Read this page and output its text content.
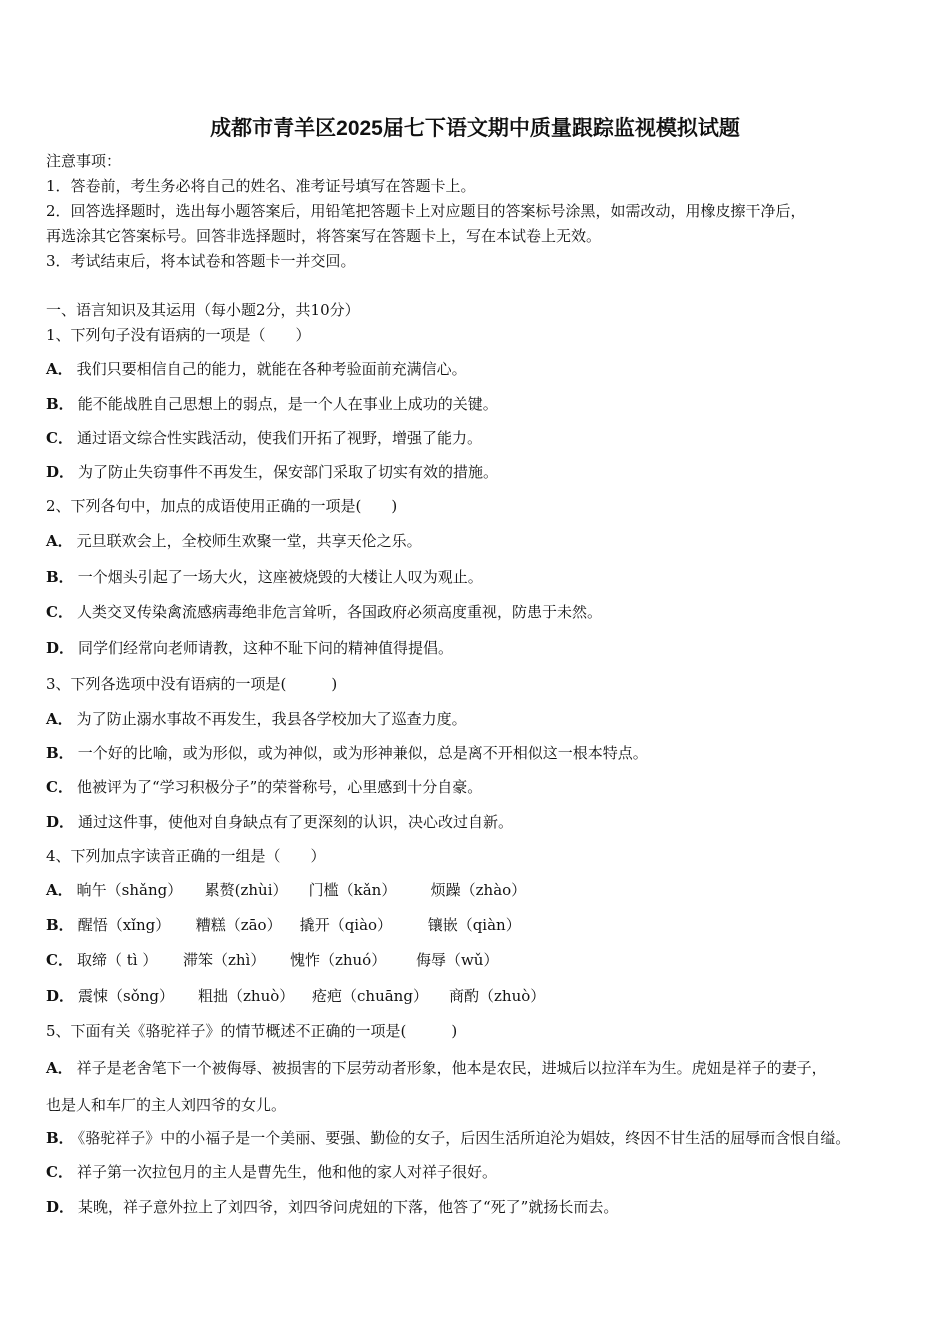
成都市青羊区2025届七下语文期中质量跟踪监视模拟试题
注意事项：
1．答卷前，考生务必将自己的姓名、准考证号填写在答题卡上。
2．回答选择题时，选出每小题答案后，用铅笔把答题卡上对应题目的答案标号涂黑，如需改动，用橡皮擦干净后，
再选涂其它答案标号。回答非选择题时，将答案写在答题卡上，写在本试卷上无效。
3．考试结束后，将本试卷和答题卡一并交回。
一、语言知识及其运用（每小题2分，共10分）
1、下列句子没有语病的一项是（　　）
A． 我们只要相信自己的能力，就能在各种考验面前充满信心。
B． 能不能战胜自己思想上的弱点，是一个人在事业上成功的关键。
C． 通过语文综合性实践活动，使我们开拓了视野，增强了能力。
D． 为了防止失窃事件不再发生，保安部门采取了切实有效的措施。
2、下列各句中，加点的成语使用正确的一项是(　　)
A． 元旦联欢会上，全校师生欢聚一堂，共享天伦之乐。
B． 一个烟头引起了一场大火，这座被烧毁的大楼让人叹为观止。
C． 人类交叉传染禽流感病毒绝非危言耸听，各国政府必须高度重视，防患于未然。
D． 同学们经常向老师请教，这种不耻下问的精神值得提倡。
3、下列各选项中没有语病的一项是(　　　)
A． 为了防止溺水事故不再发生，我县各学校加大了巡查力度。
B． 一个好的比喻，或为形似，或为神似，或为形神兼似，总是离不开相似这一根本特点。
C． 他被评为了“学习积极分子”的荣誉称号，心里感到十分自豪。
D． 通过这件事，使他对自身缺点有了更深刻的认识，决心改过自新。
4、下列加点字读音正确的一组是（　　）
A． 晌午（shǎng） 累赘(zhùi） 门槛（kǎn） 烦躁（zhào）
B． 醒悟（xǐng） 糟糕（zāo） 撬开（qiào） 镶嵌（qiàn）
C． 取缔（ tì ） 滞笨（zhì） 愧怍（zhuó） 侮辱（wǔ）
D． 震悚（sǒng） 粗拙（zhuò） 疮疤（chuāng） 商酌（zhuò）
5、下面有关《骆驼祥子》的情节概述不正确的一项是(　　　)
A． 祥子是老舍笔下一个被侮辱、被损害的下层劳动者形象，他本是农民，进城后以拉洋车为生。虎妞是祥子的妻子，
也是人和车厂的主人刘四爷的女儿。
B． 《骆驼祥子》中的小福子是一个美丽、要强、勤俭的女子，后因生活所迫沦为娼妓，终因不甘生活的屈辱而含恨自缢。
C． 祥子第一次拉包月的主人是曹先生，他和他的家人对祥子很好。
D． 某晚，祥子意外拉上了刘四爷，刘四爷问虎妞的下落，他答了“死了”就扬长而去。
